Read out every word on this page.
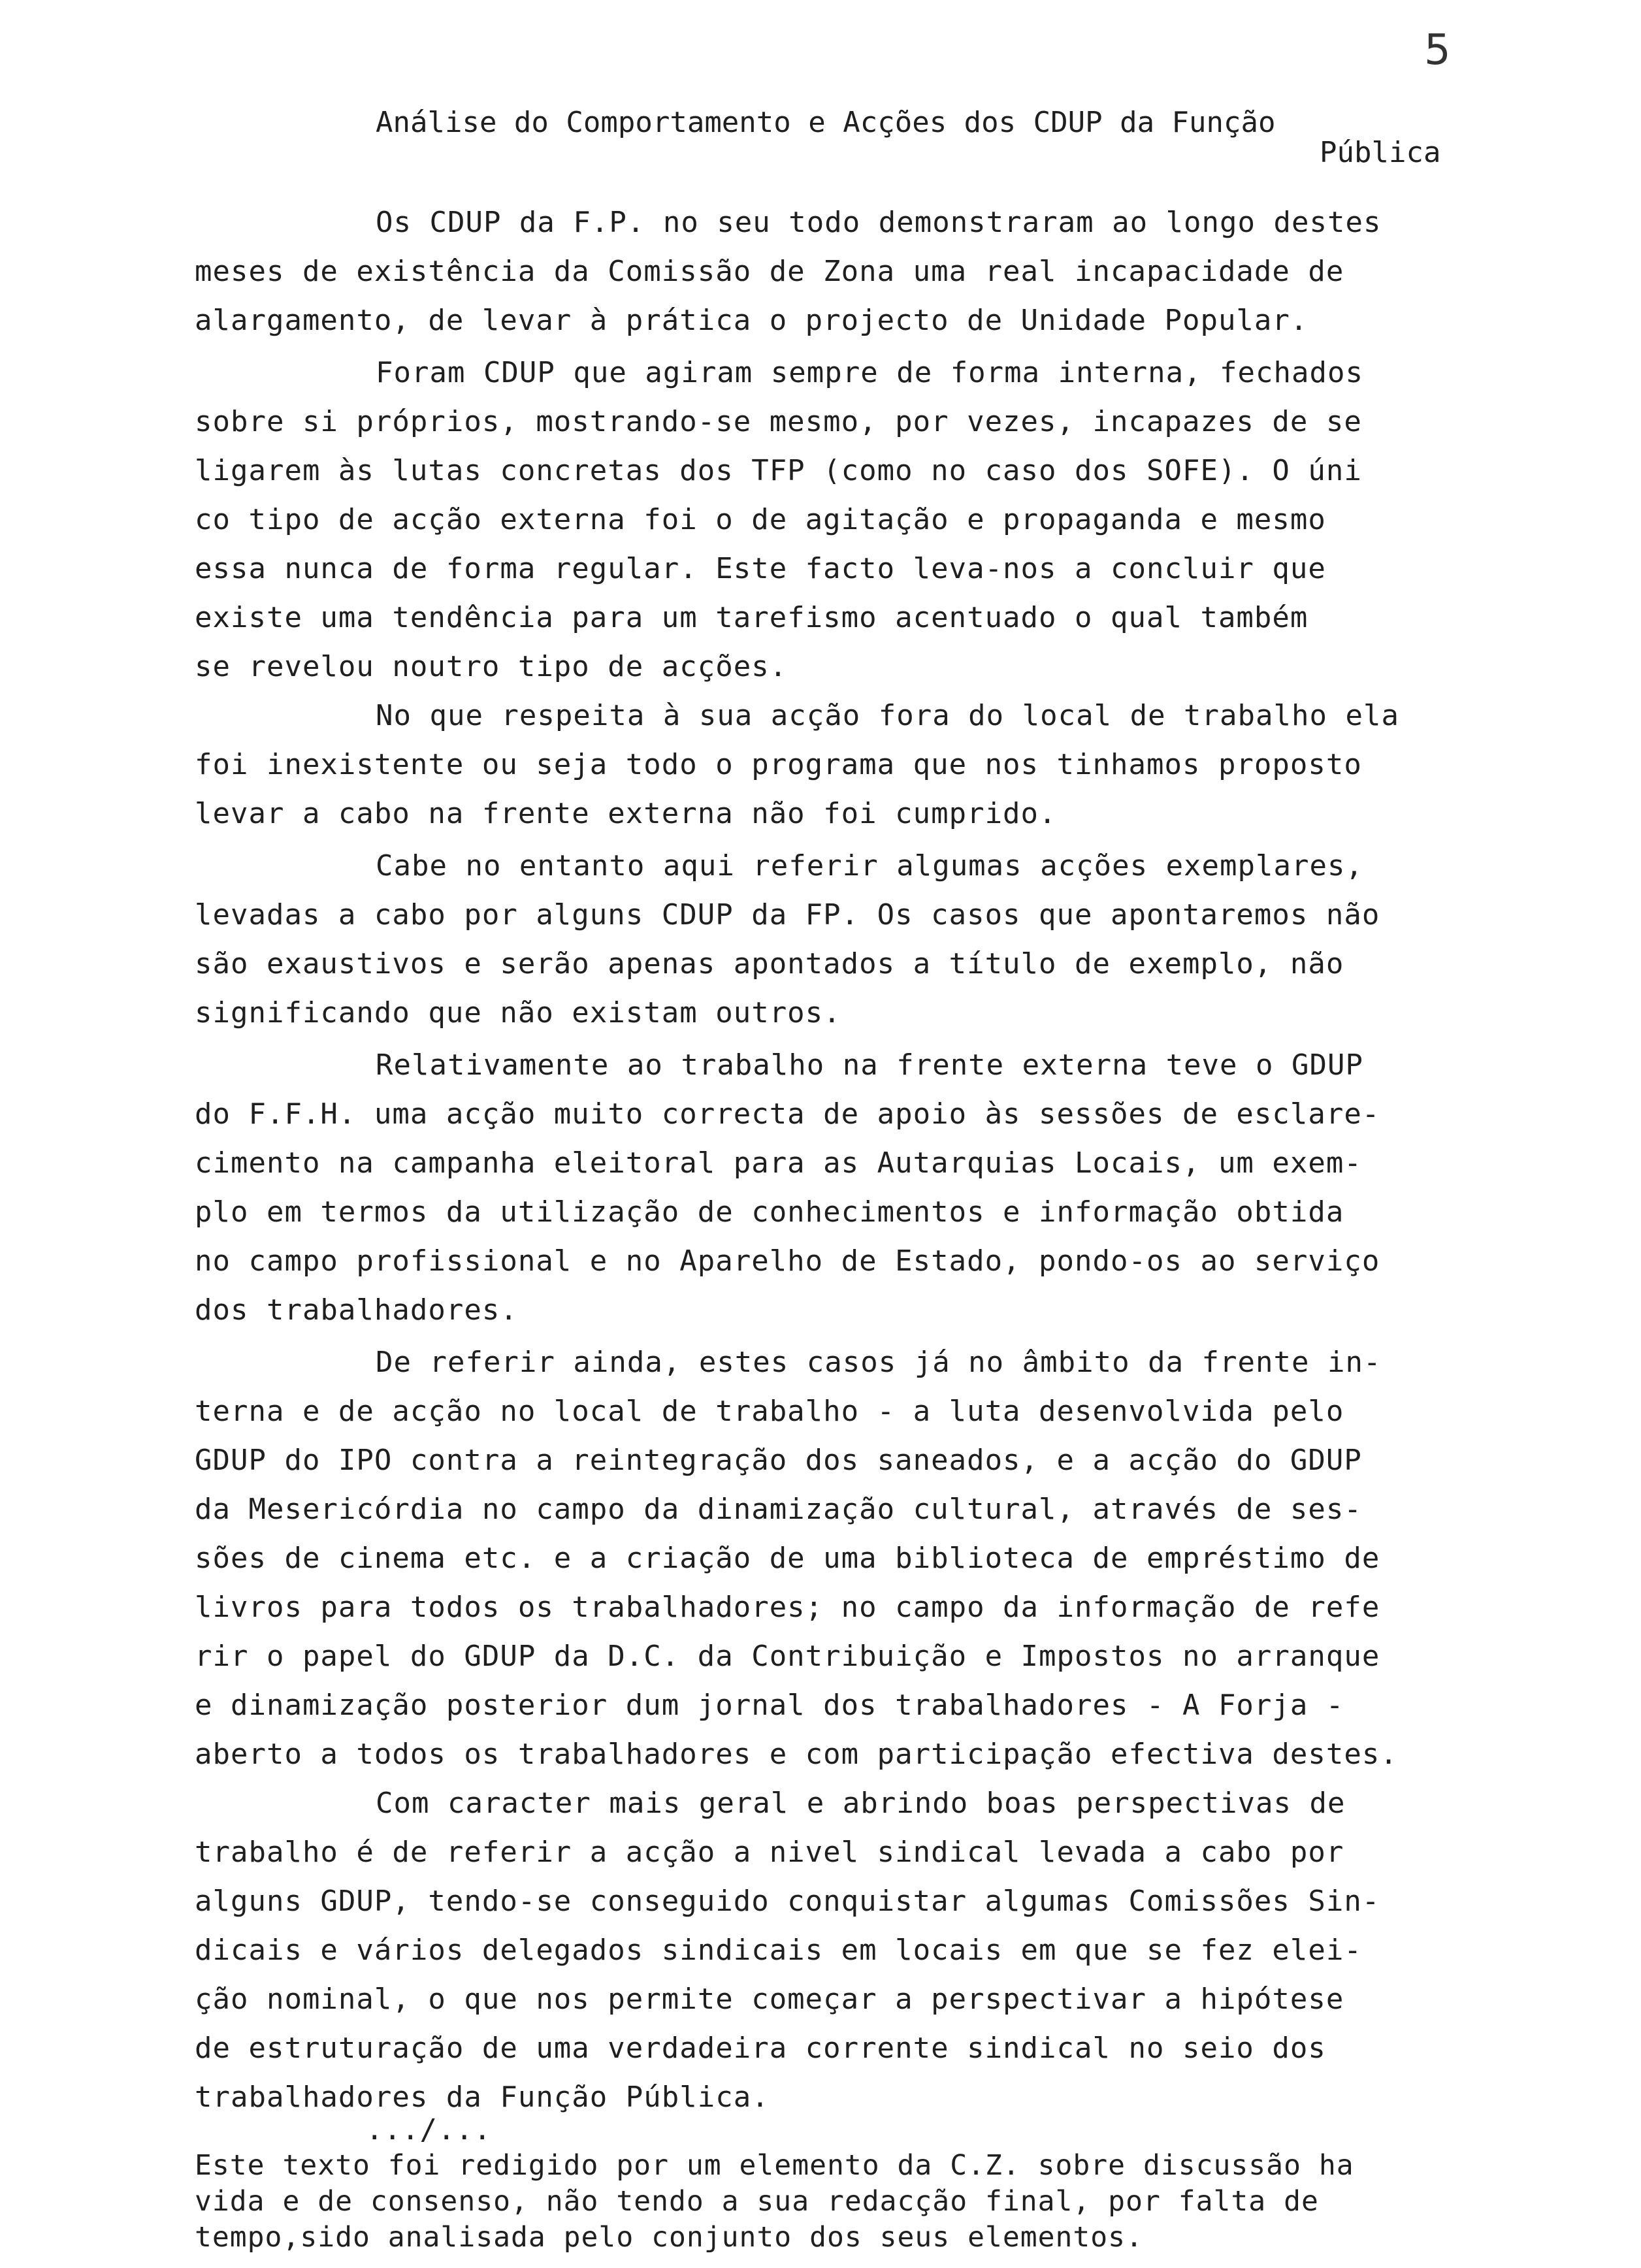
5
Análise do Comportamento e Acções dos CDUP da Função
Pública
Os CDUP da F.P. no seu todo demonstraram ao longo destes
meses de existência da Comissão de Zona uma real incapacidade de
alargamento, de levar à prática o projecto de Unidade Popular.
Foram CDUP que agiram sempre de forma interna, fechados
sobre si próprios, mostrando-se mesmo, por vezes, incapazes de se
ligarem às lutas concretas dos TFP (como no caso dos SOFE). O úni
co tipo de acção externa foi o de agitação e propaganda e mesmo
essa nunca de forma regular. Este facto leva-nos a concluir que
existe uma tendência para um tarefismo acentuado o qual também
se revelou noutro tipo de acções.
No que respeita à sua acção fora do local de trabalho ela
foi inexistente ou seja todo o programa que nos tinhamos proposto
levar a cabo na frente externa não foi cumprido.
Cabe no entanto aqui referir algumas acções exemplares,
levadas a cabo por alguns CDUP da FP. Os casos que apontaremos não
são exaustivos e serão apenas apontados a título de exemplo, não
significando que não existam outros.
Relativamente ao trabalho na frente externa teve o GDUP
do F.F.H. uma acção muito correcta de apoio às sessões de esclare-
cimento na campanha eleitoral para as Autarquias Locais, um exem-
plo em termos da utilização de conhecimentos e informação obtida
no campo profissional e no Aparelho de Estado, pondo-os ao serviço
dos trabalhadores.
De referir ainda, estes casos já no âmbito da frente in-
terna e de acção no local de trabalho - a luta desenvolvida pelo
GDUP do IPO contra a reintegração dos saneados, e a acção do GDUP
da Mesericórdia no campo da dinamização cultural, através de ses-
sões de cinema etc. e a criação de uma biblioteca de empréstimo de
livros para todos os trabalhadores; no campo da informação de refe
rir o papel do GDUP da D.C. da Contribuição e Impostos no arranque
e dinamização posterior dum jornal dos trabalhadores - A Forja -
aberto a todos os trabalhadores e com participação efectiva destes.
Com caracter mais geral e abrindo boas perspectivas de
trabalho é de referir a acção a nivel sindical levada a cabo por
alguns GDUP, tendo-se conseguido conquistar algumas Comissões Sin-
dicais e vários delegados sindicais em locais em que se fez elei-
ção nominal, o que nos permite começar a perspectivar a hipótese
de estruturação de uma verdadeira corrente sindical no seio dos
trabalhadores da Função Pública.
.../...
Este texto foi redigido por um elemento da C.Z. sobre discussão ha
vida e de consenso, não tendo a sua redacção final, por falta de
tempo,sido analisada pelo conjunto dos seus elementos.
